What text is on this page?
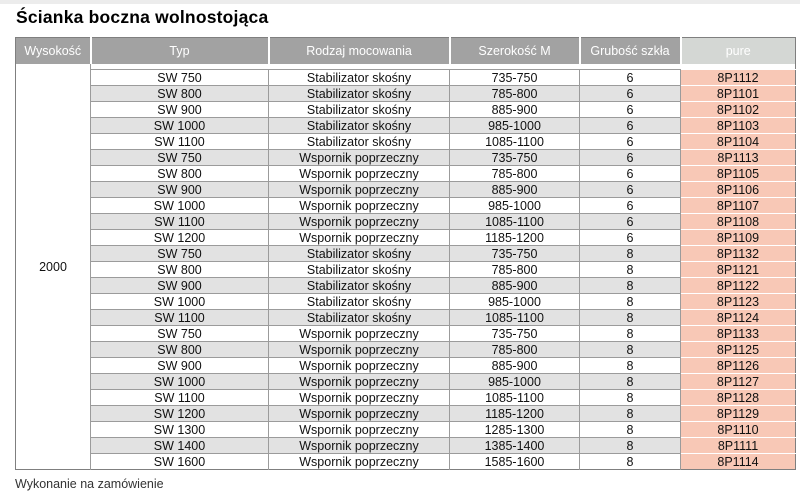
Ścianka boczna wolnostojąca
Wysokość	Typ	Rodzaj mocowania	Szerokość M	Grubość szkła	pure
2000					
	SW 750	Stabilizator skośny	735-750	6	8P1112
	SW 800	Stabilizator skośny	785-800	6	8P1101
	SW 900	Stabilizator skośny	885-900	6	8P1102
	SW 1000	Stabilizator skośny	985-1000	6	8P1103
	SW 1100	Stabilizator skośny	1085-1100	6	8P1104
	SW 750	Wspornik poprzeczny	735-750	6	8P1113
	SW 800	Wspornik poprzeczny	785-800	6	8P1105
	SW 900	Wspornik poprzeczny	885-900	6	8P1106
	SW 1000	Wspornik poprzeczny	985-1000	6	8P1107
	SW 1100	Wspornik poprzeczny	1085-1100	6	8P1108
	SW 1200	Wspornik poprzeczny	1185-1200	6	8P1109
	SW 750	Stabilizator skośny	735-750	8	8P1132
	SW 800	Stabilizator skośny	785-800	8	8P1121
	SW 900	Stabilizator skośny	885-900	8	8P1122
	SW 1000	Stabilizator skośny	985-1000	8	8P1123
	SW 1100	Stabilizator skośny	1085-1100	8	8P1124
	SW 750	Wspornik poprzeczny	735-750	8	8P1133
	SW 800	Wspornik poprzeczny	785-800	8	8P1125
	SW 900	Wspornik poprzeczny	885-900	8	8P1126
	SW 1000	Wspornik poprzeczny	985-1000	8	8P1127
	SW 1100	Wspornik poprzeczny	1085-1100	8	8P1128
	SW 1200	Wspornik poprzeczny	1185-1200	8	8P1129
	SW 1300	Wspornik poprzeczny	1285-1300	8	8P1110
	SW 1400	Wspornik poprzeczny	1385-1400	8	8P1111
	SW 1600	Wspornik poprzeczny	1585-1600	8	8P1114
Wykonanie na zamówienie
